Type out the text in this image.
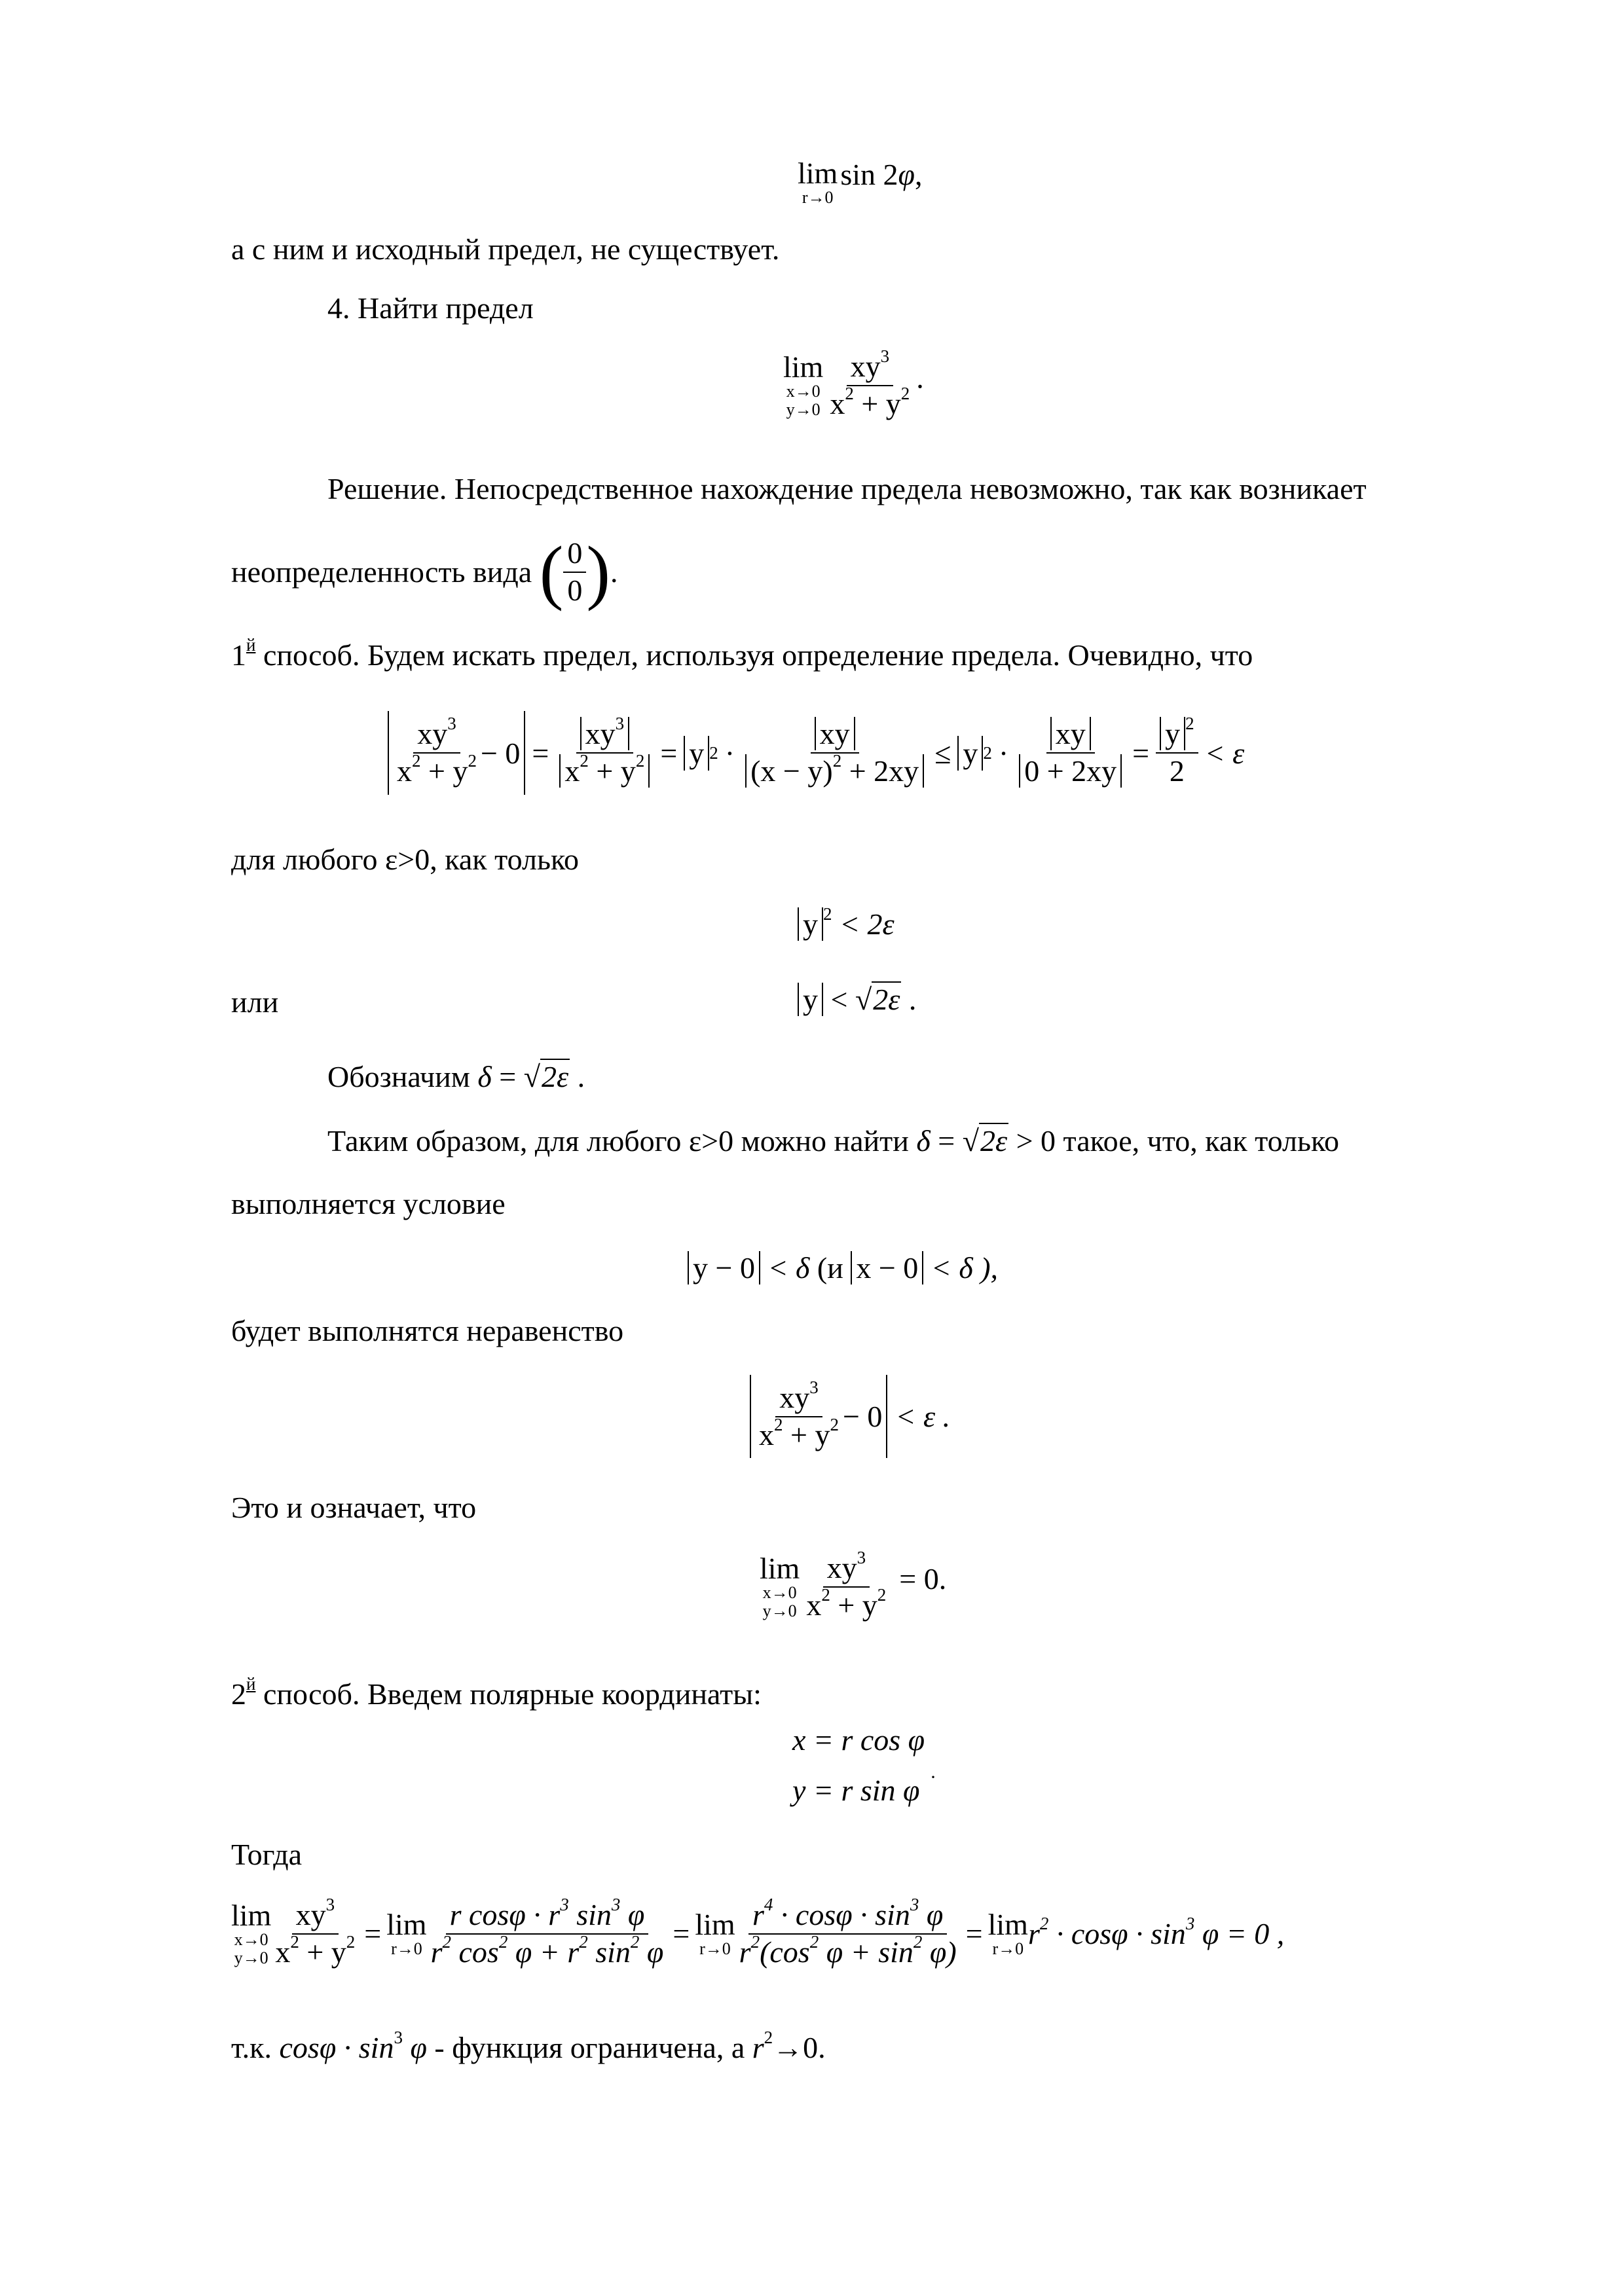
lim
r→0
sin 2φ,
а с ним и исходный предел, не существует.
4. Найти предел
lim
x→0
y→0
$\frac{xy^3}{x^2 + y^2}$ .
Решение. Непосредственное нахождение предела невозможно, так как возникает
неопределенность вида ( $\frac{0}{0}$ ).
$1^й$ способ. Будем искать предел, используя определение предела. Очевидно, что
$\frac{xy^3}{x^2 + y^2} - 0 = \frac{xy^3}{x^2 + y^2} = y$ $2 \cdot \frac{xy}{(x - y)^2 + 2xy} \le y$ $2 \cdot \frac{xy}{0 + 2xy} = \frac{y ^2}{2} < \varepsilon$
для любого ε>0, как только
y $^2$ < 2ε
или	y < √2ε .
Обозначим δ = √2ε .
Таким образом, для любого ε>0 можно найти δ = √2ε > 0 такое, что, как только
выполняется условие
y − 0 < δ (и x − 0 < δ ),
будет выполнятся неравенство
$\frac{xy^3}{x^2 + y^2} - 0 < \varepsilon$ .
Это и означает, что
lim
x→0
y→0
$\frac{xy^3}{x^2 + y^2} = 0$.
$2^й$ способ. Введем полярные координаты:
x = r cos φ
y = r sin φ ·
Тогда
lim
x→0
$y\to 0 \frac{xy^3}{x^2 + y^2} = \lim$
$r\to 0 \frac{r \cos\varphi \cdot r^3 \sin^3 \varphi}{r^2 \cos^2 \varphi + r^2 \sin^2 \varphi} = \lim$
$r\to 0 \frac{r^4 \cdot \cos\varphi \cdot \sin^3 \varphi}{r^2(\cos^2 \varphi + \sin^2 \varphi)} = \lim$
r→0 $r^2 \cdot \cos\varphi \cdot \sin^3 \varphi = 0$ ,
т.к. $\cos\varphi \cdot \sin^3 \varphi$ - функция ограничена, а $r^2\to 0$.
